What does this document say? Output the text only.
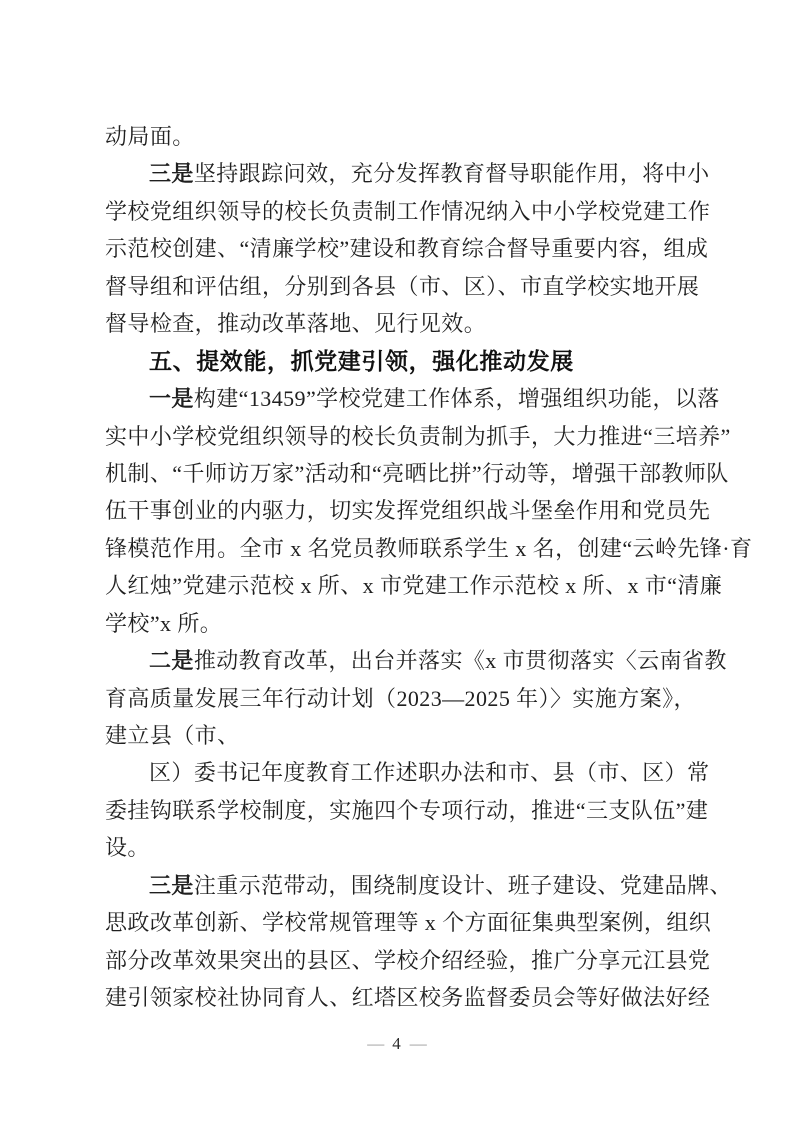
动局面。
三是坚持跟踪问效，充分发挥教育督导职能作用，将中小
学校党组织领导的校长负责制工作情况纳入中小学校党建工作
示范校创建、“清廉学校”建设和教育综合督导重要内容，组成
督导组和评估组，分别到各县（市、区）、市直学校实地开展
督导检查，推动改革落地、见行见效。
五、提效能，抓党建引领，强化推动发展
一是构建“13459”学校党建工作体系，增强组织功能，以落
实中小学校党组织领导的校长负责制为抓手，大力推进“三培养”
机制、“千师访万家”活动和“亮晒比拼”行动等，增强干部教师队
伍干事创业的内驱力，切实发挥党组织战斗堡垒作用和党员先
锋模范作用。全市 x 名党员教师联系学生 x 名，创建“云岭先锋·育
人红烛”党建示范校 x 所、x 市党建工作示范校 x 所、x 市“清廉
学校”x 所。
二是推动教育改革，出台并落实《x 市贯彻落实〈云南省教
育高质量发展三年行动计划（2023—2025 年）〉实施方案》，
建立县（市、
区）委书记年度教育工作述职办法和市、县（市、区）常
委挂钩联系学校制度，实施四个专项行动，推进“三支队伍”建
设。
三是注重示范带动，围绕制度设计、班子建设、党建品牌、
思政改革创新、学校常规管理等 x 个方面征集典型案例，组织
部分改革效果突出的县区、学校介绍经验，推广分享元江县党
建引领家校社协同育人、红塔区校务监督委员会等好做法好经
— 4 —
